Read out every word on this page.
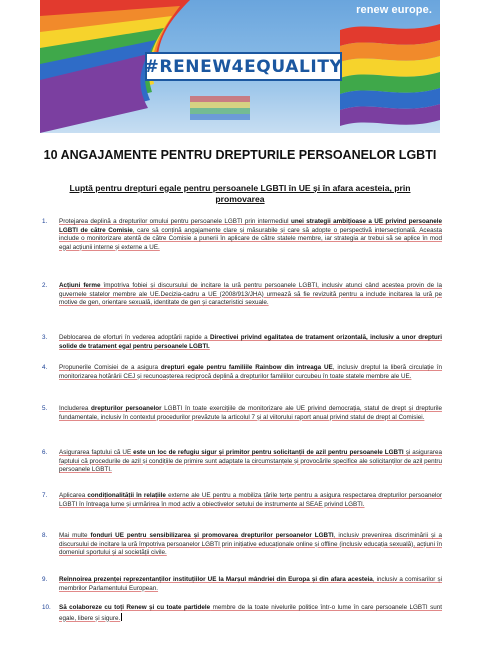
renew europe.
#RENEW4EQUALITY
10 ANGAJAMENTE PENTRU DREPTURILE PERSOANELOR LGBTI
Luptă pentru drepturi egale pentru persoanele LGBTI în UE și în afara acesteia, prin promovarea
1. Protejarea deplină a drepturilor omului pentru persoanele LGBTI prin intermediul unei strategii ambițioase a UE privind persoanele LGBTI de către Comisie, care să conțină angajamente clare și măsurabile și care să adopte o perspectivă intersecțională. Aceasta include o monitorizare atentă de către Comisie a punerii în aplicare de către statele membre, iar strategia ar trebui să se aplice în mod egal acțiunii interne și externe a UE.
2. Acțiuni ferme împotriva fobiei și discursului de incitare la ură pentru persoanele LGBTI, inclusiv atunci când acestea provin de la guvernele statelor membre ale UE.Decizia-cadru a UE (2008/913/JHA) urmează să fie revizuită pentru a include incitarea la ură pe motive de gen, orientare sexuală, identitate de gen și caracteristici sexuale.
3. Deblocarea de eforturi în vederea adoptării rapide a Directivei privind egalitatea de tratament orizontală, inclusiv a unor drepturi solide de tratament egal pentru persoanele LGBTI.
4. Propunerile Comisiei de a asigura drepturi egale pentru familiile Rainbow din întreaga UE, inclusiv dreptul la liberă circulație în monitorizarea hotărârii CEJ și recunoașterea reciprocă deplină a drepturilor familiilor curcubeu în toate statele membre ale UE.
5. Includerea drepturilor persoanelor LGBTI în toate exercițiile de monitorizare ale UE privind democrația, statul de drept și drepturile fundamentale, inclusiv în contextul procedurilor prevăzute la articolul 7 și al viitorului raport anual privind statul de drept al Comisiei.
6. Asigurarea faptului că UE este un loc de refugiu sigur și primitor pentru solicitanții de azil pentru persoanele LGBTI și asigurarea faptului că procedurile de azil și condițiile de primire sunt adaptate la circumstanțele și provocările specifice ale solicitanților de azil pentru persoanele LGBTI.
7. Aplicarea condiționalității în relațiile externe ale UE pentru a mobiliza țările terțe pentru a asigura respectarea drepturilor persoanelor LGBTI în întreaga lume și urmărirea în mod activ a obiectivelor setului de instrumente al SEAE privind LGBTI.
8. Mai multe fonduri UE pentru sensibilizarea și promovarea drepturilor persoanelor LGBTI, inclusiv prevenirea discriminării și a discursului de incitare la ură împotriva persoanelor LGBTI prin inițiative educaționale online și offline (inclusiv educația sexuală), acțiuni în domeniul sportului și al societății civile.
9. Reînnoirea prezenței reprezentanților instituțiilor UE la Marșul mândriei din Europa și din afara acesteia, inclusiv a comisarilor și membrilor Parlamentului European.
10. Să colaboreze cu toți Renew și cu toate partidele membre de la toate nivelurile politice într-o lume în care persoanele LGBTI sunt egale, libere și sigure.
